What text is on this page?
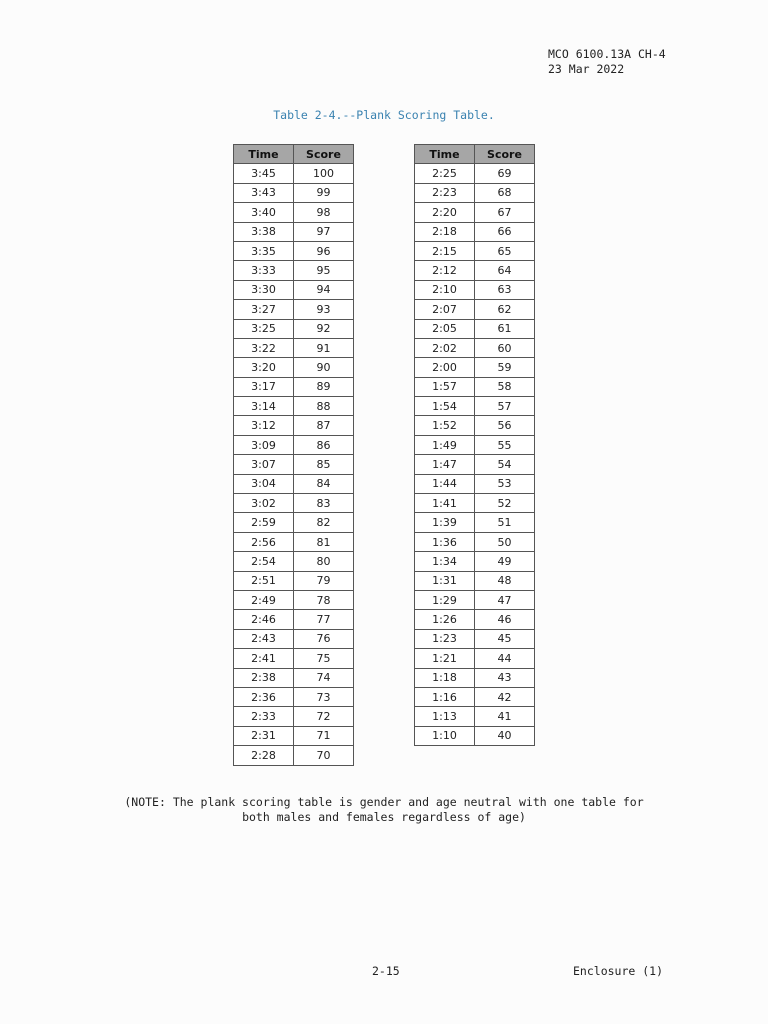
MCO 6100.13A CH-4
23 Mar 2022
Table 2-4.--Plank Scoring Table.
Time	Score
3:45	100
3:43	99
3:40	98
3:38	97
3:35	96
3:33	95
3:30	94
3:27	93
3:25	92
3:22	91
3:20	90
3:17	89
3:14	88
3:12	87
3:09	86
3:07	85
3:04	84
3:02	83
2:59	82
2:56	81
2:54	80
2:51	79
2:49	78
2:46	77
2:43	76
2:41	75
2:38	74
2:36	73
2:33	72
2:31	71
2:28	70
Time	Score
2:25	69
2:23	68
2:20	67
2:18	66
2:15	65
2:12	64
2:10	63
2:07	62
2:05	61
2:02	60
2:00	59
1:57	58
1:54	57
1:52	56
1:49	55
1:47	54
1:44	53
1:41	52
1:39	51
1:36	50
1:34	49
1:31	48
1:29	47
1:26	46
1:23	45
1:21	44
1:18	43
1:16	42
1:13	41
1:10	40
(NOTE: The plank scoring table is gender and age neutral with one table for
both males and females regardless of age)
2-15	Enclosure (1)
